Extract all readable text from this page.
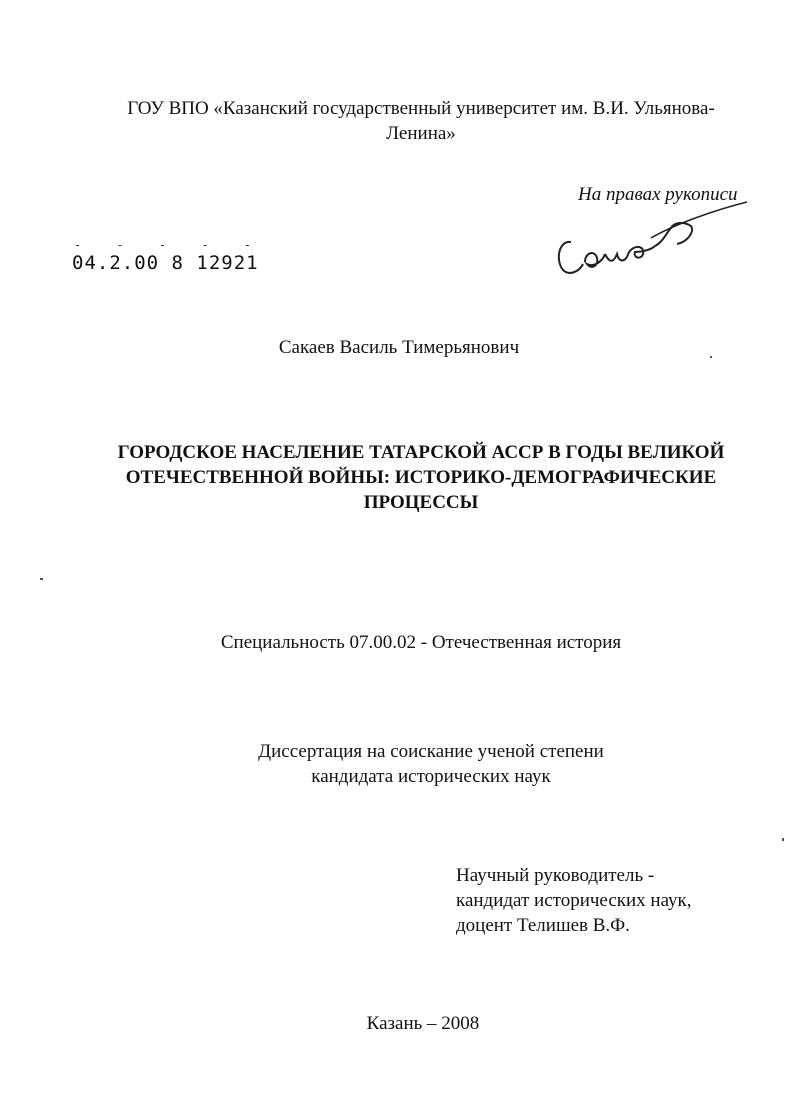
ГОУ ВПО «Казанский государственный университет им. В.И. Ульянова-
Ленина»
На правах рукописи
- - - - -
04.2.00 8 12921
Сакаев Василь Тимерьянович
ГОРОДСКОЕ НАСЕЛЕНИЕ ТАТАРСКОЙ АССР В ГОДЫ ВЕЛИКОЙ
ОТЕЧЕСТВЕННОЙ ВОЙНЫ: ИСТОРИКО-ДЕМОГРАФИЧЕСКИЕ
ПРОЦЕССЫ
Специальность 07.00.02 - Отечественная история
Диссертация на соискание ученой степени
кандидата исторических наук
Научный руководитель -
кандидат исторических наук,
доцент Телишев В.Ф.
Казань – 2008
